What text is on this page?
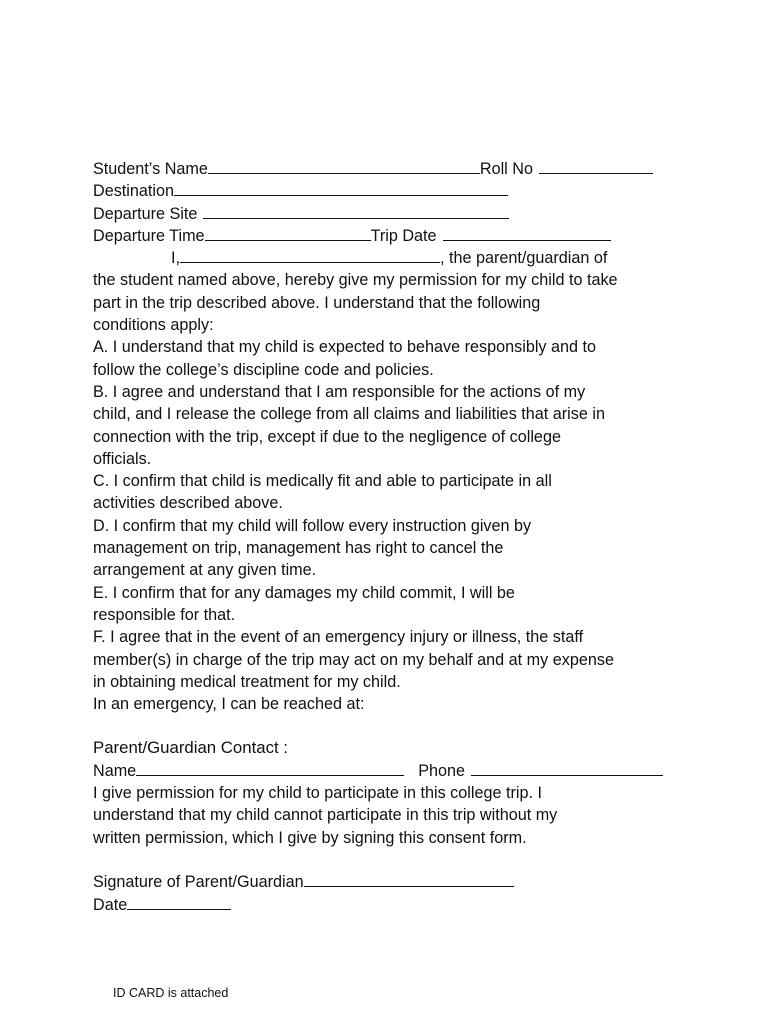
Student’s Name	Roll No
Destination
Departure Site
Departure Time	Trip Date
I,	, the parent/guardian of
the student named above, hereby give my permission for my child to take
part in the trip described above. I understand that the following
conditions apply:
A. I understand that my child is expected to behave responsibly and to
follow the college’s discipline code and policies.
B. I agree and understand that I am responsible for the actions of my
child, and I release the college from all claims and liabilities that arise in
connection with the trip, except if due to the negligence of college
officials.
C. I confirm that child is medically fit and able to participate in all
activities described above.
D. I confirm that my child will follow every instruction given by
management on trip, management has right to cancel the
arrangement at any given time.
E. I confirm that for any damages my child commit, I will be
responsible for that.
F. I agree that in the event of an emergency injury or illness, the staff
member(s) in charge of the trip may act on my behalf and at my expense
in obtaining medical treatment for my child.
In an emergency, I can be reached at:
Parent/Guardian Contact :
Name	Phone
I give permission for my child to participate in this college trip. I
understand that my child cannot participate in this trip without my
written permission, which I give by signing this consent form.
Signature of Parent/Guardian
Date
ID CARD is attached
